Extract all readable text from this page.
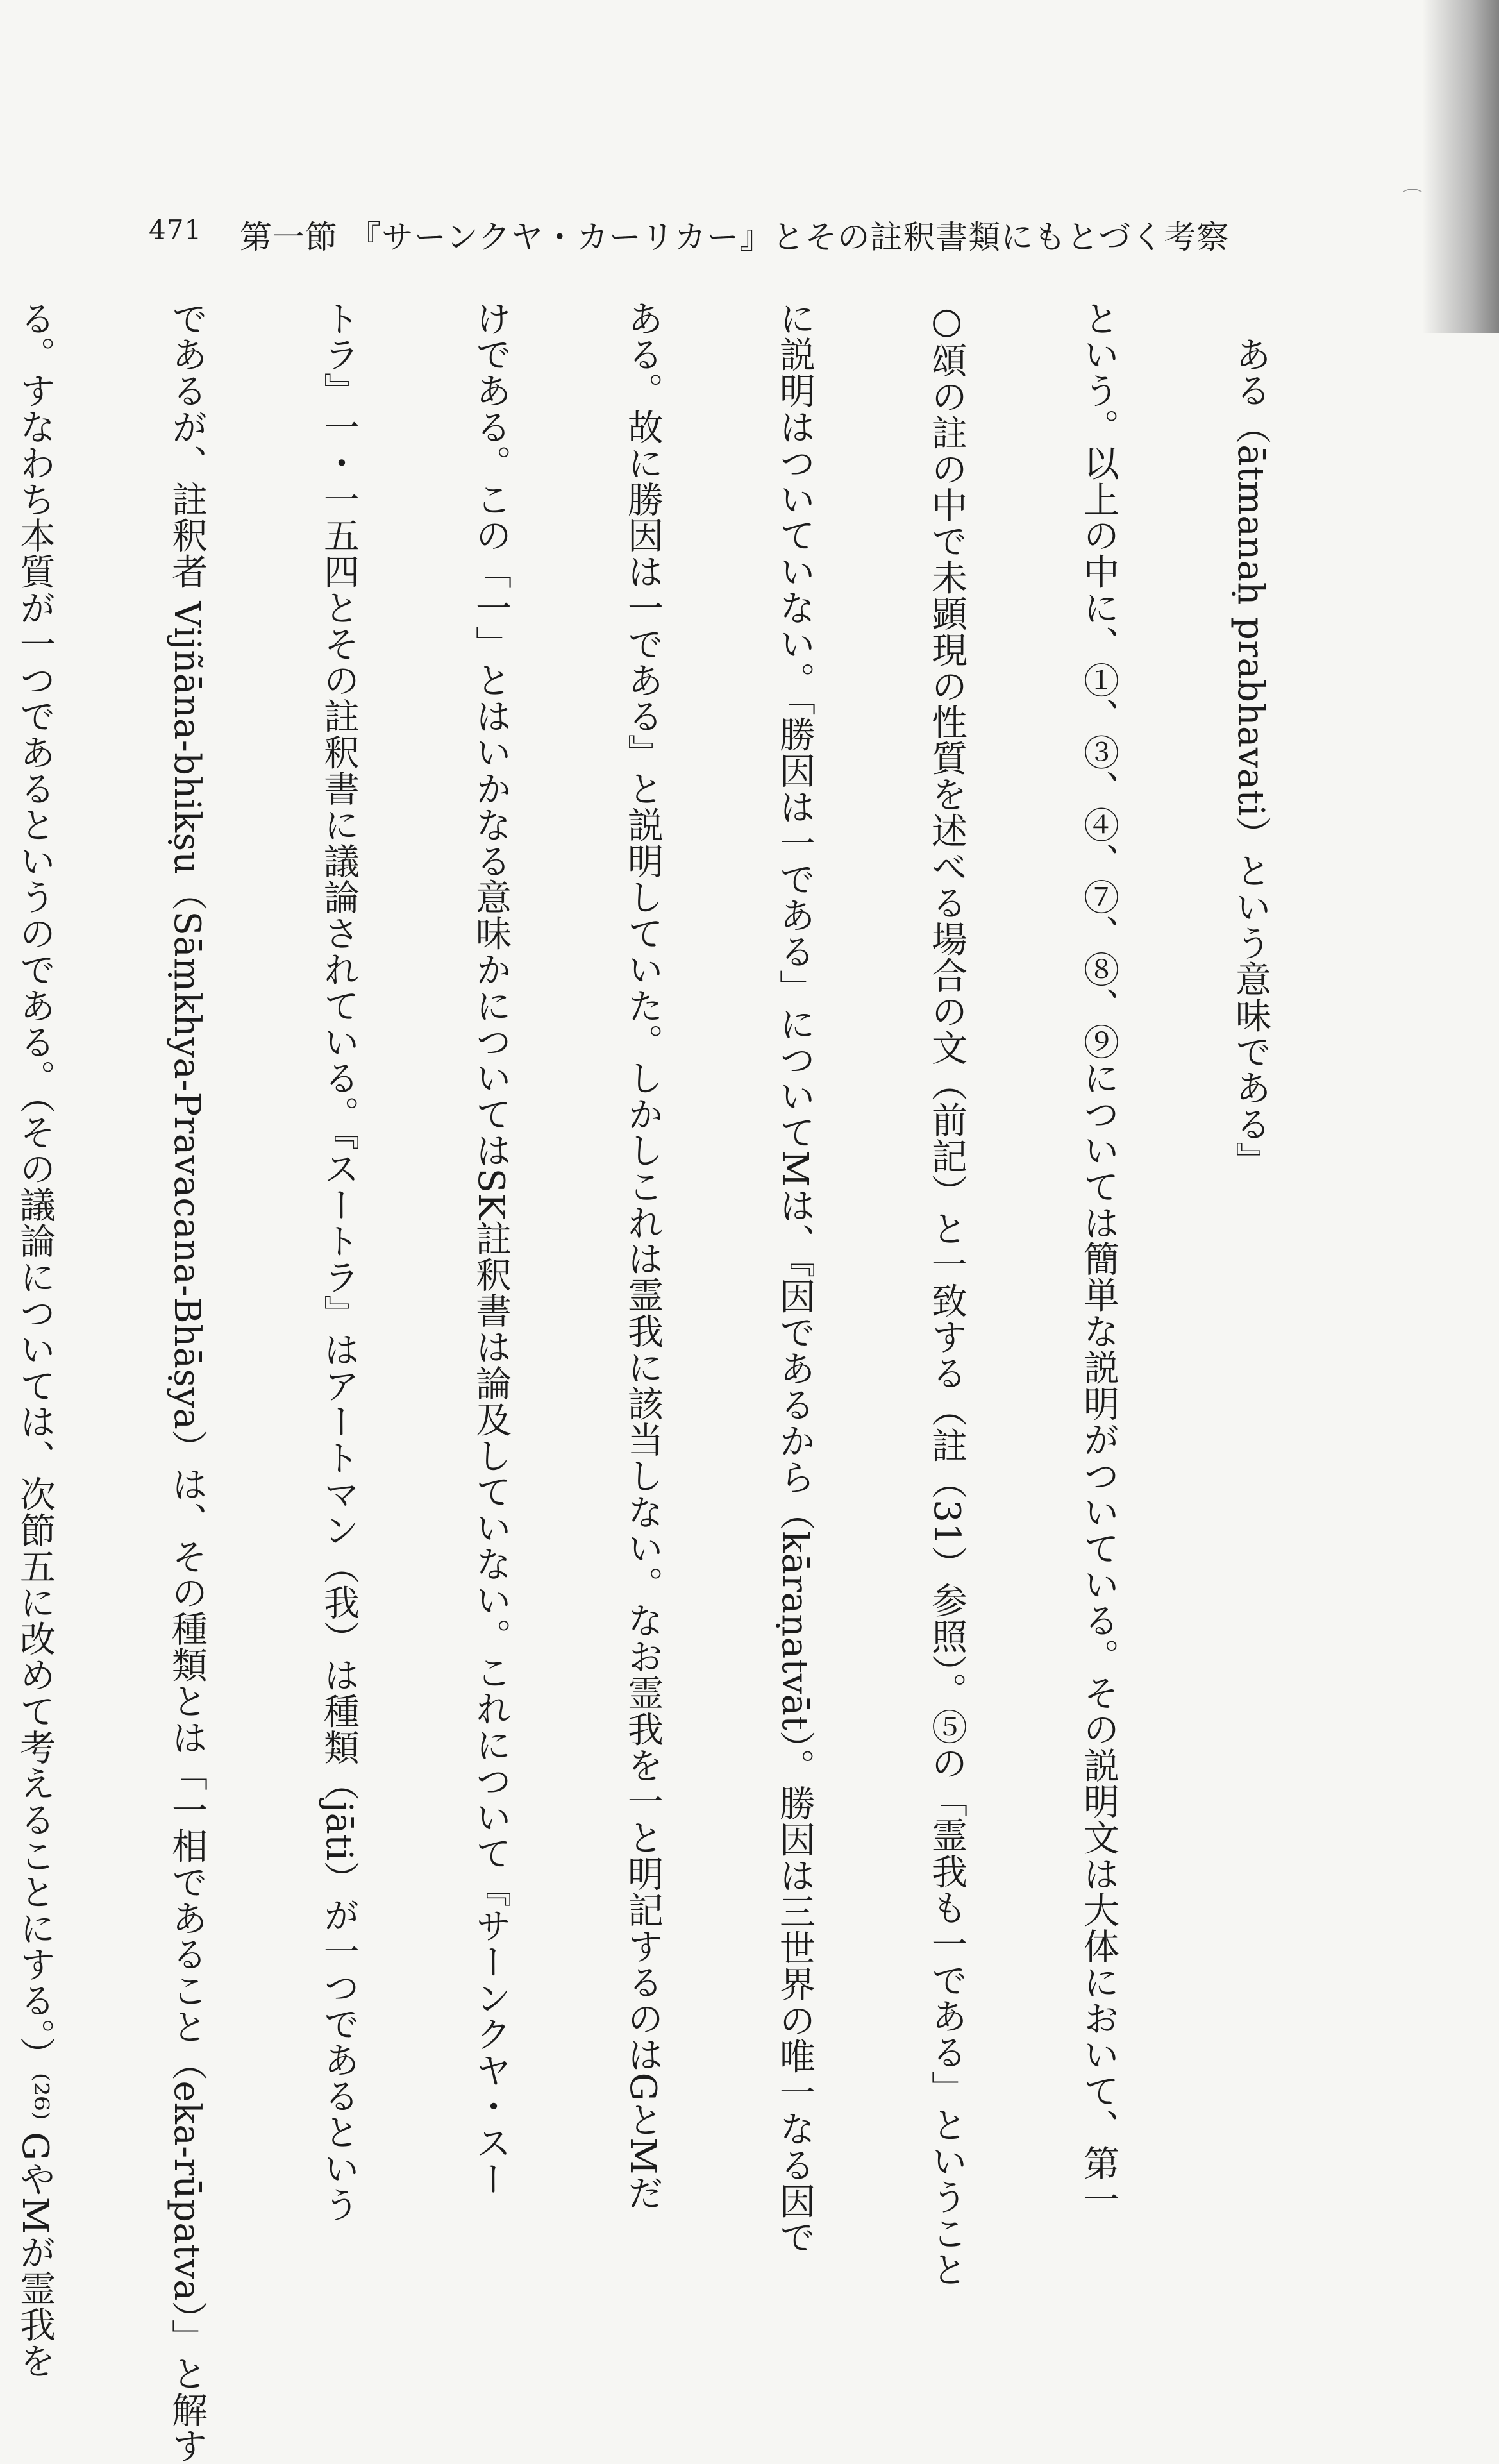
⌒
471 第一節 『サーンクヤ・カーリカー』とその註釈書類にもとづく考察

ある（ātmanaḥ prabhavati）という意味である』

という。以上の中に、①、③、④、⑦、⑧、⑨については簡単な説明がついている。その説明文は大体において、第一

○頌の註の中で未顕現の性質を述べる場合の文（前記）と一致する（註（31）参照）。⑤の「霊我も一である」ということ

に説明はついていない。「勝因は一である」についてMは、『因であるから（kāraṇatvāt）。勝因は三世界の唯一なる因で

ある。故に勝因は一である』と説明していた。しかしこれは霊我に該当しない。なお霊我を一と明記するのはGとMだ

けである。この「一」とはいかなる意味かについてはSK註釈書は論及していない。これについて『サーンクヤ・スー

トラ』一・一五四とその註釈書に議論されている。『スートラ』はアートマン（我）は種類（jāti）が一つであるという

であるが、註釈者 Vijñāna-bhikṣu（Sāṃkhya-Pravacana-Bhāṣya）は、その種類とは「一相であること（eka-rūpatva）」と解す

る。すなわち本質が一つであるというのである。（その議論については、次節五に改めて考えることにする。）⁽²⁶⁾ GやMが霊我を
